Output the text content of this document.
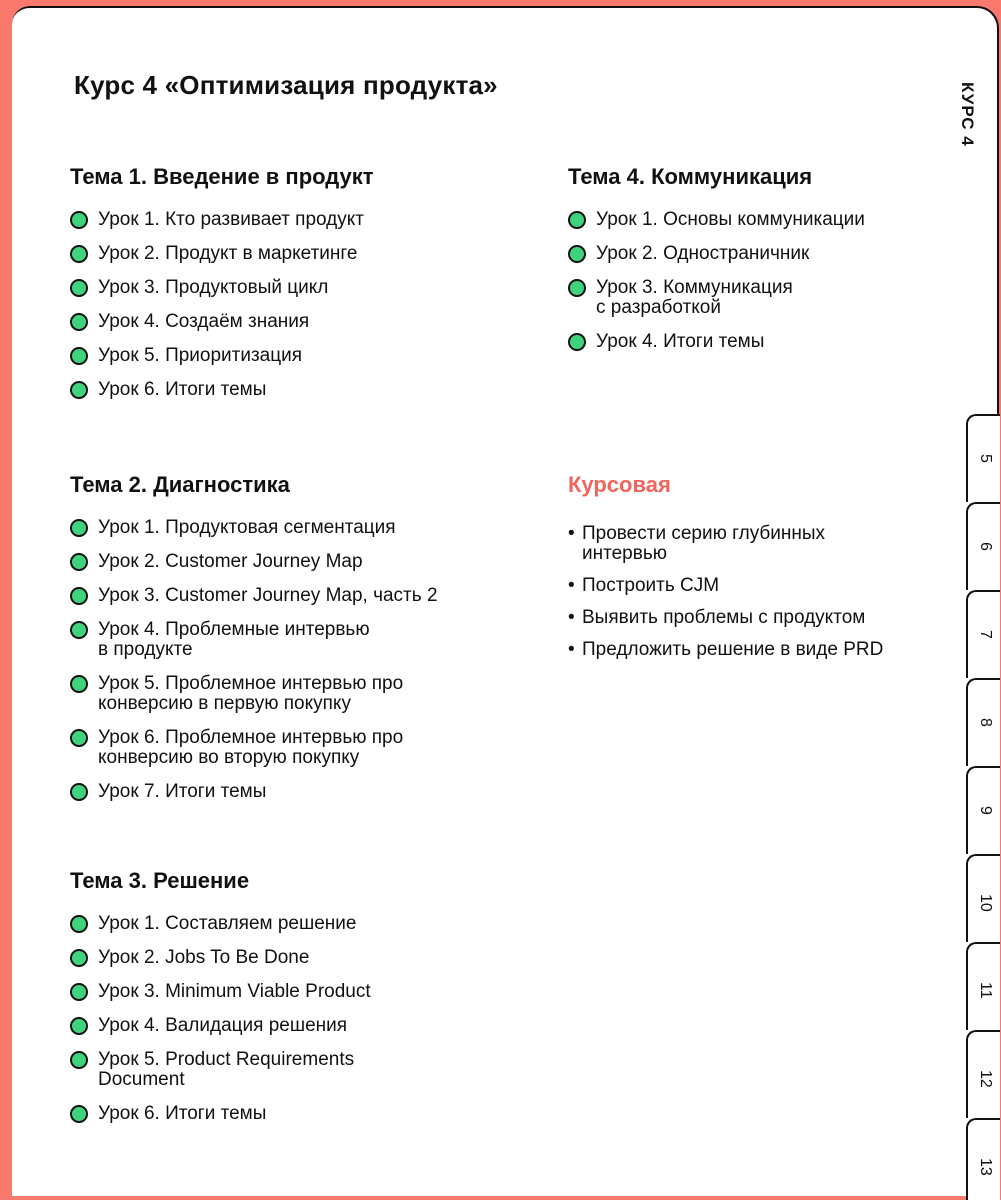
Курс 4 «Оптимизация продукта»
Тема 1. Введение в продукт
Урок 1. Кто развивает продукт
Урок 2. Продукт в маркетинге
Урок 3. Продуктовый цикл
Урок 4. Создаём знания
Урок 5. Приоритизация
Урок 6. Итоги темы
Тема 2. Диагностика
Урок 1. Продуктовая сегментация
Урок 2. Customer Journey Map
Урок 3. Customer Journey Map, часть 2
Урок 4. Проблемные интервью
в продукте
Урок 5. Проблемное интервью про
конверсию в первую покупку
Урок 6. Проблемное интервью про
конверсию во вторую покупку
Урок 7. Итоги темы
Тема 3. Решение
Урок 1. Составляем решение
Урок 2. Jobs To Be Done
Урок 3. Minimum Viable Product
Урок 4. Валидация решения
Урок 5. Product Requirements
Document
Урок 6. Итоги темы
Тема 4. Коммуникация
Урок 1. Основы коммуникации
Урок 2. Одностраничник
Урок 3. Коммуникация
с разработкой
Урок 4. Итоги темы
Курсовая
• Провести серию глубинных
интервью
• Построить CJM
• Выявить проблемы с продуктом
• Предложить решение в виде PRD
КУРС 4
5
6
7
8
9
10
11
12
13
